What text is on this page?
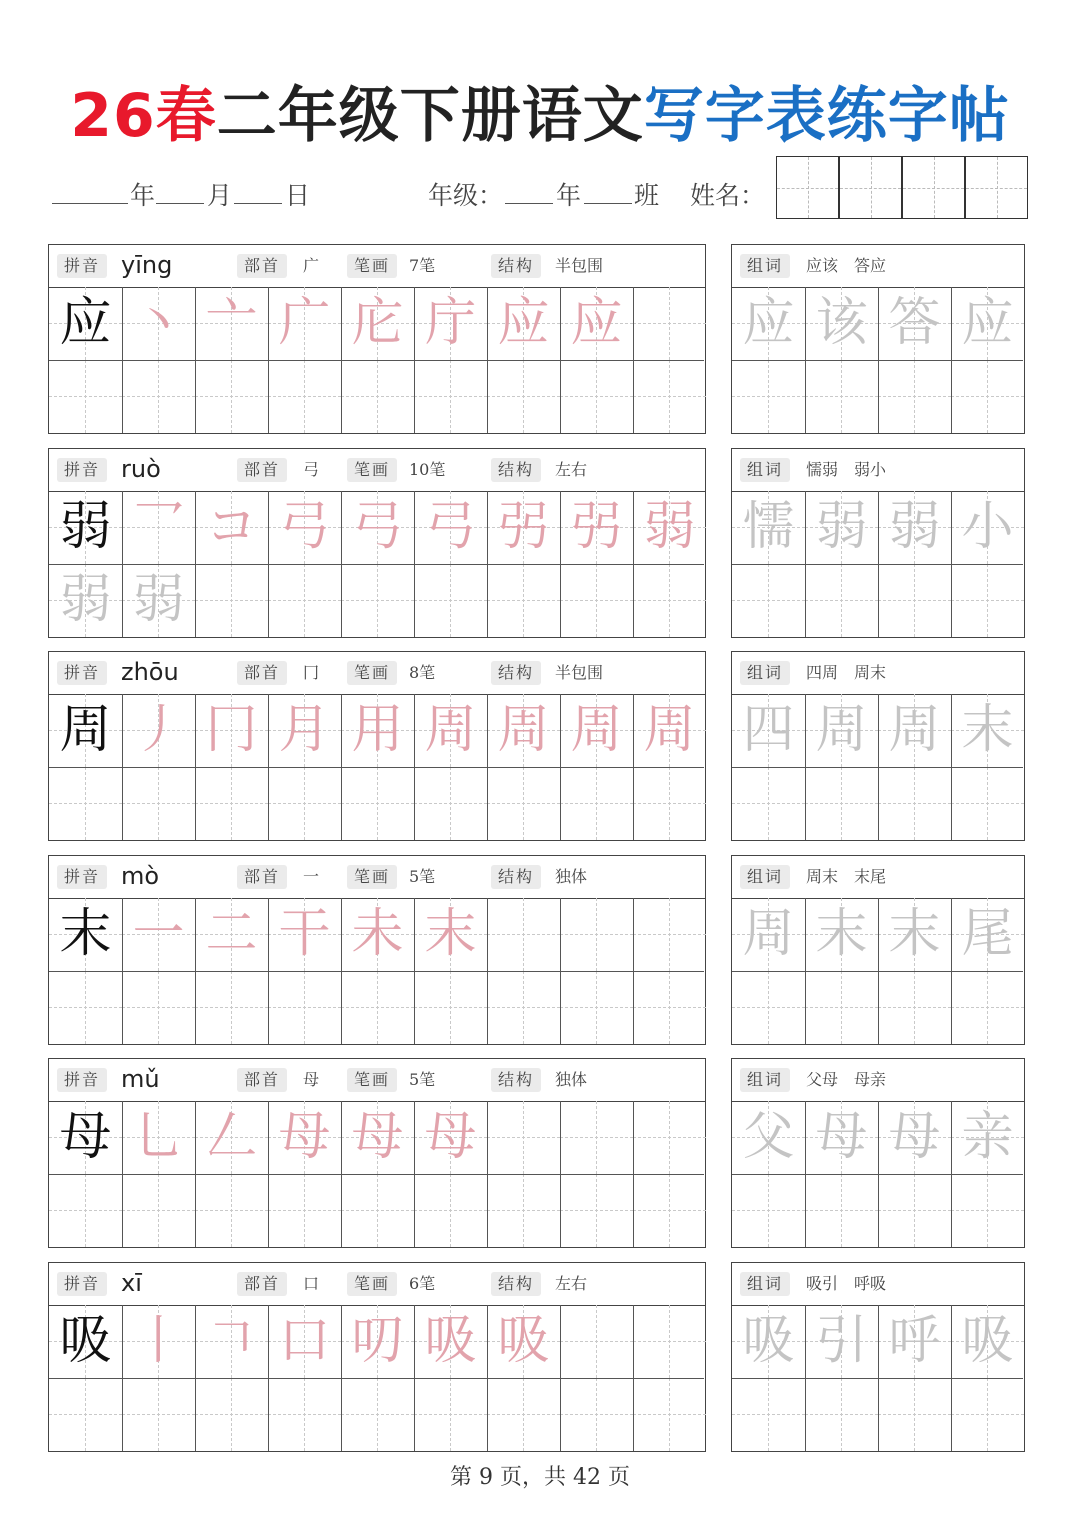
26春二年级下册语文写字表练字帖
年 月 日	年级： 年 班 姓名：
拼音 yīng	部首	广	笔画	7笔	结构	半包围
应 丶 亠 广 庀 庁 应 应
组词	应该　答应
应 该 答 应
拼音 ruò	部首	弓	笔画	10笔	结构	左右
弱 乛 コ 弓 弓 弓 弜 弜 弱
弱 弱
组词	懦弱　弱小
懦 弱 弱 小
拼音 zhōu	部首	冂	笔画	8笔	结构	半包围
周 丿 冂 月 用 周 周 周 周
组词	四周　周末
四 周 周 末
拼音 mò	部首	一	笔画	5笔	结构	独体
末 一 二 干 未 末
组词	周末　末尾
周 末 末 尾
拼音 mǔ	部首	母	笔画	5笔	结构	独体
母 乚 𠃋 母 母 母
组词	父母　母亲
父 母 母 亲
拼音 xī	部首	口	笔画	6笔	结构	左右
吸 丨 𠃍 口 叨 吸 吸
组词	吸引　呼吸
吸 引 呼 吸
第 9 页，共 42 页
